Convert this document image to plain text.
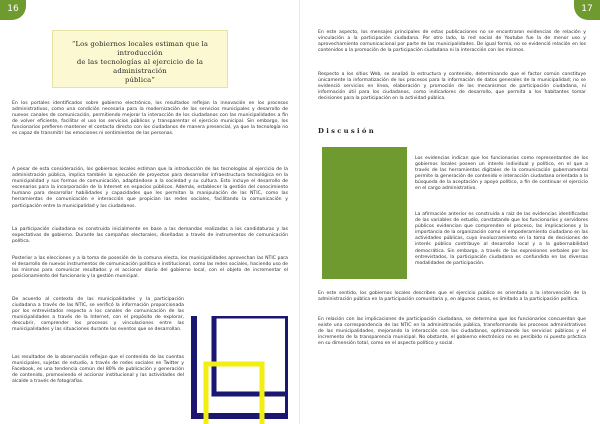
16

“Los gobiernos locales estiman que la introducción

de las tecnologías al ejercicio de la administración

pública”

En los portales identificados sobre gobierno electrónico, los resultados reflejan la innovación en los procesos administrativos, como una condición necesaria para la modernización de los servicios municipales y desarrollo de nuevos canales de comunicación, permitiendo mejorar la interacción de los ciudadanos con las municipalidades a fin de volver eficiente, facilitar el uso los servicios públicos y transparentar el ejercicio municipal. Sin embargo, los funcionarios prefieren mantener el contacto directo con los ciudadanos de manera presencial, ya que la tecnología no es capaz de transmitir las emociones ni sentimientos de las personas.

A pesar de esta consideración, los gobiernos locales estiman que la introducción de las tecnologías al ejercicio de la administración pública, implica también la ejecución de proyectos para desarrollar infraestructura tecnológica en la municipalidad y sus formas de comunicación, adaptándose a la sociedad y su cultura. Esto incluye el desarrollo de escenarios para la incorporación de la Internet en espacios públicos. Además, establecer la gestión del conocimiento humano para desarrollar habilidades y capacidades que les permitan la manipulación de las NTIC, como las herramientas de comunicación e interacción que propician las redes sociales, facilitando la comunicación y participación entre la municipalidad y los ciudadanos.

La participación ciudadana es construida inicialmente en base a las demandas realizadas a los candidaturas y las expectativas de gobierno. Durante las campañas electorales, diseñadas a través de instrumentos de comunicación política.

Posterior a las elecciones y a la toma de posesión de la comuna electa, los municipalidades aprovechan las NTIC para el desarrollo de nuevos instrumentos de comunicación política e institucional, como las redes sociales, haciendo uso de las mismas para comunicar resultados y el accionar diario del gobierno local, con el objeto de incrementar el posicionamiento del funcionario y la gestión municipal.

De acuerdo al contexto de las municipalidades y la participación ciudadana a través de las NTIC, se verificó la información proporcionada por los entrevistados respecto a los canales de comunicación de las municipalidades a través de la Internet, con el propósito de explorar, descubrir, comprender los procesos y vinculaciones entre las municipalidades y las situaciones durante los eventos que se desarrollan.

Los resultados de la observación reflejan que el contenido de las cuentas municipales, sujetas de estudio, a través de redes sociales en Twitter y Facebook, es una tendencia común del 80% de publicación y generación de contenido, promoviendo el accionar institucional y las actividades del alcalde a través de fotografías.

17

En este aspecto, los mensajes principales de estas publicaciones no se encontraron evidencias de relación y vinculación a la participación ciudadana. Por otro lado, la red social de Youtube fue la de menor uso y aprovechamiento comunicacional por parte de las municipalidades. De igual forma, no se evidenció relación en los contenidos a la promoción de la participación ciudadana ni la interacción con los mismos.

Respecto a los sitios Web, se analizó la estructura y contenido, determinando que el factor común constituye únicamente la informatización de los procesos para la información de datos generales de la municipalidad; no se evidenció servicios en línea, elaboración y promoción de los mecanismos de participación ciudadana, ni información útil para los ciudadanos, como indicadores de desarrollo, que permita a los habitantes tomar decisiones para la participación en la actividad pública.

Discusión

Los evidencias indican que los funcionarios como representantes de los gobiernos locales poseen un interés individual y político, en el que a través de las herramientas digitales de la comunicación gubernamental permite la generación de contenido e interacción ciudadana orientada a la búsqueda de la aceptación y apoyo político, a fin de continuar el ejercicio en el cargo administrativo.

La afirmación anterior es construida a raíz de las evidencias identificadas de las variables de estudio, constatando que los funcionarios y servidores públicos evidencian que comprenden el proceso, las implicaciones y la importancia de la organización como el empoderamiento ciudadano en las actividades públicas, cuyo involucramiento en la toma de decisiones de interés público contribuye al desarrollo local y a la gobernabilidad democrática. Sin embargo, a través de las expresiones verbales por los entrevistados, la participación ciudadana es confundida en las diversas modalidades de participación.

En este sentido, los gobiernos locales describen que el ejercicio público es orientado a la intervención de la administración pública en la participación comunitaria y, en algunos casos, es limitado a la participación política.

En relación con las implicaciones de participación ciudadana, se determina que los funcionarios concuerdan que existe una correspondencia de las NTIC en la administración pública, transformando los procesos administrativos de las municipalidades, mejorando la interacción con los ciudadanos, optimizando los servicios públicos y el incremento de la transparencia municipal. No obstante, el gobierno electrónico no es percibido ni puesto práctica en su dimensión total, como en el aspecto político y social.
